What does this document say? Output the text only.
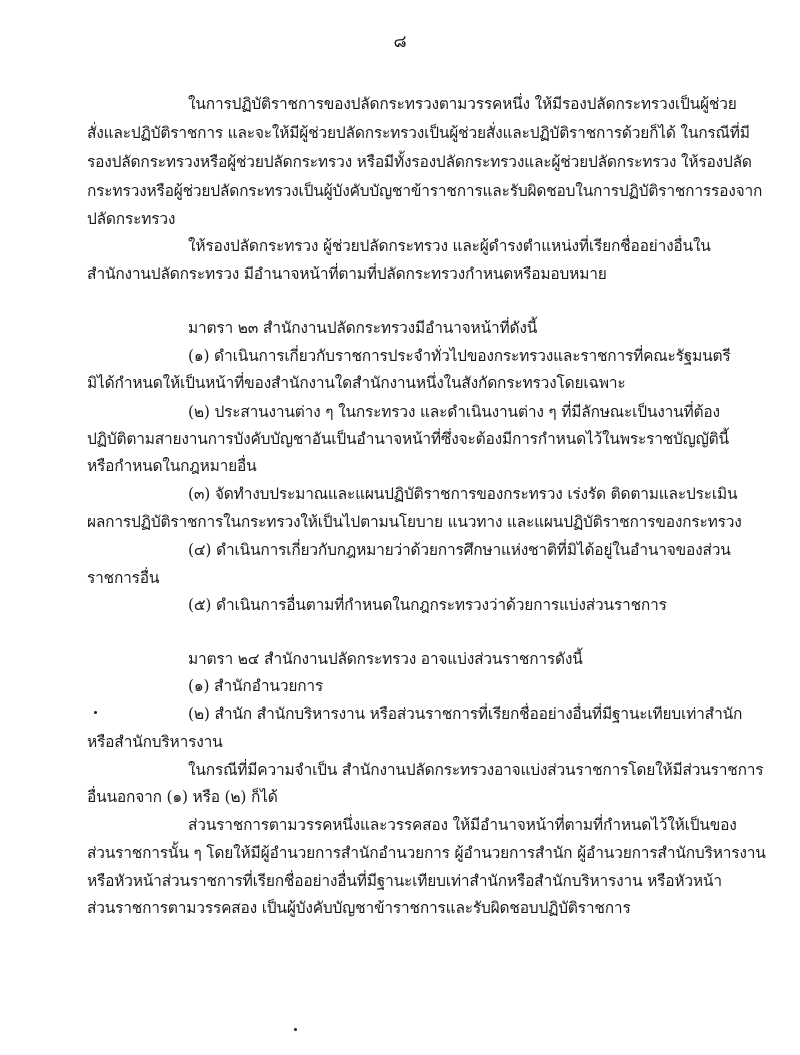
๘
ในการปฏิบัติราชการของปลัดกระทรวงตามวรรคหนึ่ง ให้มีรองปลัดกระทรวงเป็นผู้ช่วย
สั่งและปฏิบัติราชการ และจะให้มีผู้ช่วยปลัดกระทรวงเป็นผู้ช่วยสั่งและปฏิบัติราชการด้วยก็ได้ ในกรณีที่มี
รองปลัดกระทรวงหรือผู้ช่วยปลัดกระทรวง หรือมีทั้งรองปลัดกระทรวงและผู้ช่วยปลัดกระทรวง ให้รองปลัด
กระทรวงหรือผู้ช่วยปลัดกระทรวงเป็นผู้บังคับบัญชาข้าราชการและรับผิดชอบในการปฏิบัติราชการรองจาก
ปลัดกระทรวง
ให้รองปลัดกระทรวง ผู้ช่วยปลัดกระทรวง และผู้ดำรงตำแหน่งที่เรียกชื่ออย่างอื่นใน
สำนักงานปลัดกระทรวง มีอำนาจหน้าที่ตามที่ปลัดกระทรวงกำหนดหรือมอบหมาย
มาตรา ๒๓ สำนักงานปลัดกระทรวงมีอำนาจหน้าที่ดังนี้
(๑) ดำเนินการเกี่ยวกับราชการประจำทั่วไปของกระทรวงและราชการที่คณะรัฐมนตรี
มิได้กำหนดให้เป็นหน้าที่ของสำนักงานใดสำนักงานหนึ่งในสังกัดกระทรวงโดยเฉพาะ
(๒) ประสานงานต่าง ๆ ในกระทรวง และดำเนินงานต่าง ๆ ที่มีลักษณะเป็นงานที่ต้อง
ปฏิบัติตามสายงานการบังคับบัญชาอันเป็นอำนาจหน้าที่ซึ่งจะต้องมีการกำหนดไว้ในพระราชบัญญัตินี้
หรือกำหนดในกฎหมายอื่น
(๓) จัดทำงบประมาณและแผนปฏิบัติราชการของกระทรวง เร่งรัด ติดตามและประเมิน
ผลการปฏิบัติราชการในกระทรวงให้เป็นไปตามนโยบาย แนวทาง และแผนปฏิบัติราชการของกระทรวง
(๔) ดำเนินการเกี่ยวกับกฎหมายว่าด้วยการศึกษาแห่งชาติที่มิได้อยู่ในอำนาจของส่วน
ราชการอื่น
(๕) ดำเนินการอื่นตามที่กำหนดในกฎกระทรวงว่าด้วยการแบ่งส่วนราชการ
มาตรา ๒๔ สำนักงานปลัดกระทรวง อาจแบ่งส่วนราชการดังนี้
(๑) สำนักอำนวยการ
(๒) สำนัก สำนักบริหารงาน หรือส่วนราชการที่เรียกชื่ออย่างอื่นที่มีฐานะเทียบเท่าสำนัก
หรือสำนักบริหารงาน
ในกรณีที่มีความจำเป็น สำนักงานปลัดกระทรวงอาจแบ่งส่วนราชการโดยให้มีส่วนราชการ
อื่นนอกจาก (๑) หรือ (๒) ก็ได้
ส่วนราชการตามวรรคหนึ่งและวรรคสอง ให้มีอำนาจหน้าที่ตามที่กำหนดไว้ให้เป็นของ
ส่วนราชการนั้น ๆ โดยให้มีผู้อำนวยการสำนักอำนวยการ ผู้อำนวยการสำนัก ผู้อำนวยการสำนักบริหารงาน
หรือหัวหน้าส่วนราชการที่เรียกชื่ออย่างอื่นที่มีฐานะเทียบเท่าสำนักหรือสำนักบริหารงาน หรือหัวหน้า
ส่วนราชการตามวรรคสอง เป็นผู้บังคับบัญชาข้าราชการและรับผิดชอบปฏิบัติราชการ
